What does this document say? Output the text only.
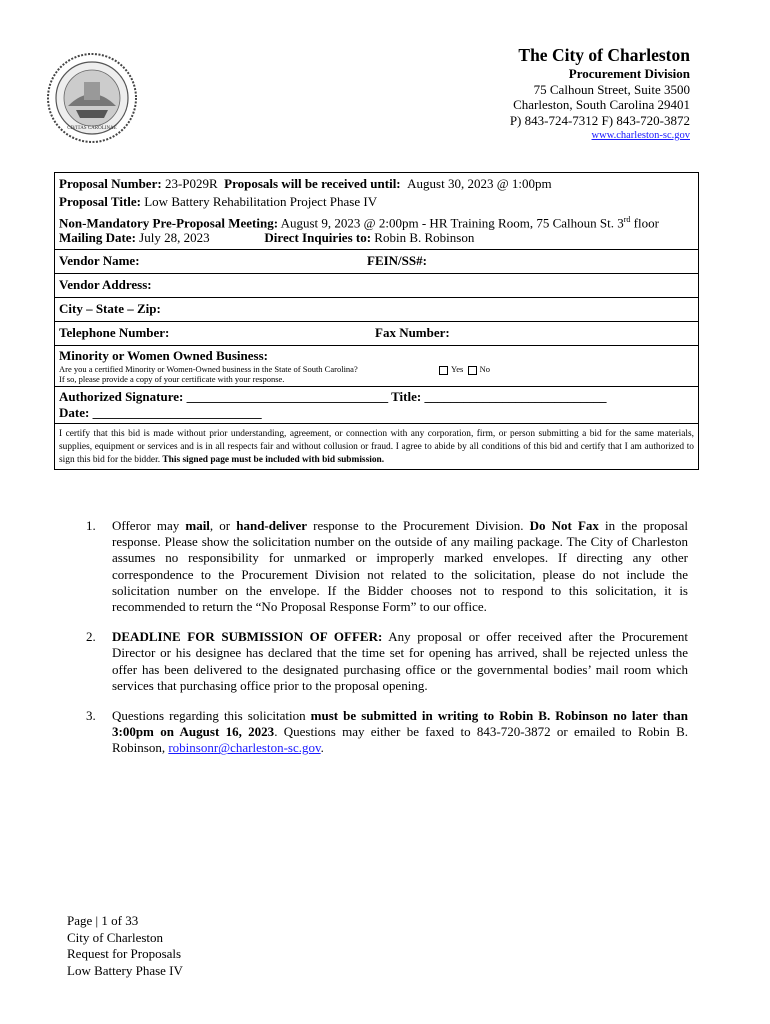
CIVITAS CAROLINAE
The City of Charleston
Procurement Division
75 Calhoun Street, Suite 3500
Charleston, South Carolina 29401
P) 843-724-7312 F) 843-720-3872
www.charleston-sc.gov
Proposal Number: 23-P029R Proposals will be received until: August 30, 2023 @ 1:00pm
Proposal Title: Low Battery Rehabilitation Project Phase IV
Non-Mandatory Pre-Proposal Meeting: August 9, 2023 @ 2:00pm - HR Training Room, 75 Calhoun St. 3rd floor
Mailing Date: July 28, 2023	Direct Inquiries to: Robin B. Robinson
Vendor Name:	FEIN/SS#:
Vendor Address:
City – State – Zip:
Telephone Number:	Fax Number:
Minority or Women Owned Business:
Are you a certified Minority or Women-Owned business in the State of South Carolina?	Yes No
If so, please provide a copy of your certificate with your response.
Authorized Signature: _______________________________ Title: ____________________________
Date: __________________________
I certify that this bid is made without prior understanding, agreement, or connection with any corporation, firm, or person submitting a bid for the same materials, supplies, equipment or services and is in all respects fair and without collusion or fraud. I agree to abide by all conditions of this bid and certify that I am authorized to sign this bid for the bidder. This signed page must be included with bid submission.
1.	Offeror may mail, or hand-deliver response to the Procurement Division. Do Not Fax in the proposal response. Please show the solicitation number on the outside of any mailing package. The City of Charleston assumes no responsibility for unmarked or improperly marked envelopes. If directing any other correspondence to the Procurement Division not related to the solicitation, please do not include the solicitation number on the envelope. If the Bidder chooses not to respond to this solicitation, it is recommended to return the “No Proposal Response Form” to our office.
2.	DEADLINE FOR SUBMISSION OF OFFER: Any proposal or offer received after the Procurement Director or his designee has declared that the time set for opening has arrived, shall be rejected unless the offer has been delivered to the designated purchasing office or the governmental bodies’ mail room which services that purchasing office prior to the proposal opening.
3.	Questions regarding this solicitation must be submitted in writing to Robin B. Robinson no later than 3:00pm on August 16, 2023. Questions may either be faxed to 843-720-3872 or emailed to Robin B. Robinson, robinsonr@charleston-sc.gov.
Page | 1 of 33
City of Charleston
Request for Proposals
Low Battery Phase IV
